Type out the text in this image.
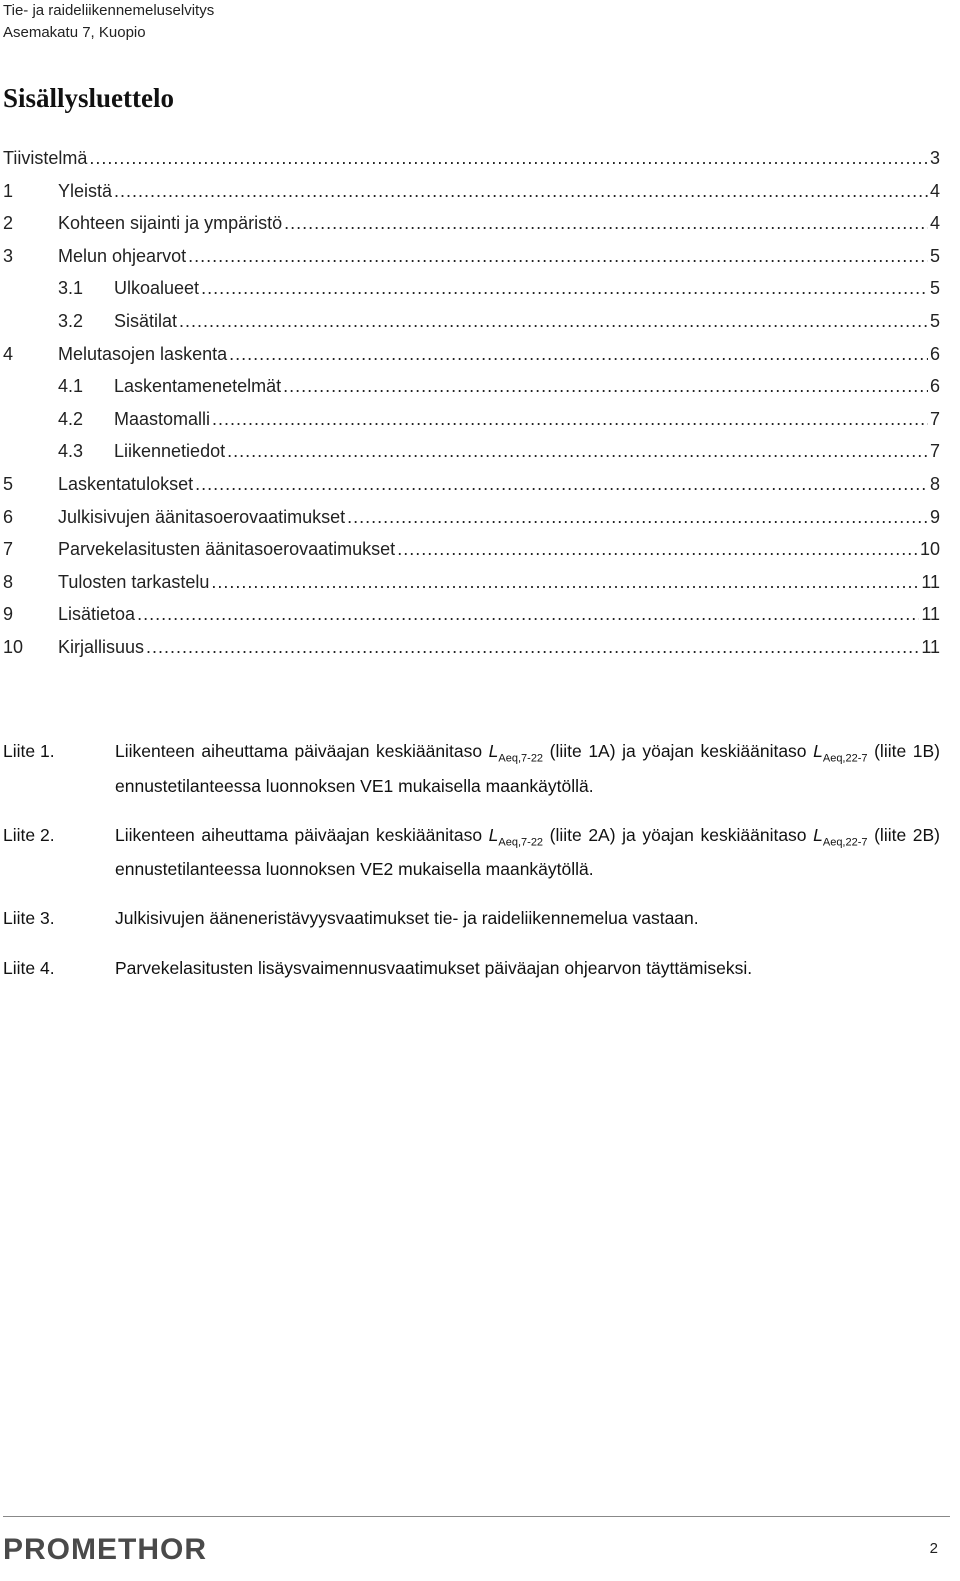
Tie- ja raideliikennemeluselvitys
Asemakatu 7, Kuopio
Sisällysluettelo
Tiivistelmä .....	3
1	Yleistä .....	4
2	Kohteen sijainti ja ympäristö .....	4
3	Melun ohjearvot .....	5
3.1	Ulkoalueet .....	5
3.2	Sisätilat .....	5
4	Melutasojen laskenta .....	6
4.1	Laskentamenetelmät .....	6
4.2	Maastomalli .....	7
4.3	Liikennetiedot .....	7
5	Laskentatulokset .....	8
6	Julkisivujen äänitasoerovaatimukset .....	9
7	Parvekelasitusten äänitasoerovaatimukset .....	10
8	Tulosten tarkastelu .....	11
9	Lisätietoa .....	11
10	Kirjallisuus .....	11
Liite 1.	Liikenteen aiheuttama päiväajan keskiäänitaso $L_{Aeq,7-22}$ (liite 1A) ja yöajan keskiäänitaso $L_{Aeq,22-7}$ (liite 1B) ennustetilanteessa luonnoksen VE1 mukaisella maankäytöllä.
Liite 2.	Liikenteen aiheuttama päiväajan keskiäänitaso $L_{Aeq,7-22}$ (liite 2A) ja yöajan keskiäänitaso $L_{Aeq,22-7}$ (liite 2B) ennustetilanteessa luonnoksen VE2 mukaisella maankäytöllä.
Liite 3.	Julkisivujen ääneneristävyysvaatimukset tie- ja raideliikennemelua vastaan.
Liite 4.	Parvekelasitusten lisäysvaimennusvaatimukset päiväajan ohjearvon täyttämiseksi.
PROMETHOR	2
